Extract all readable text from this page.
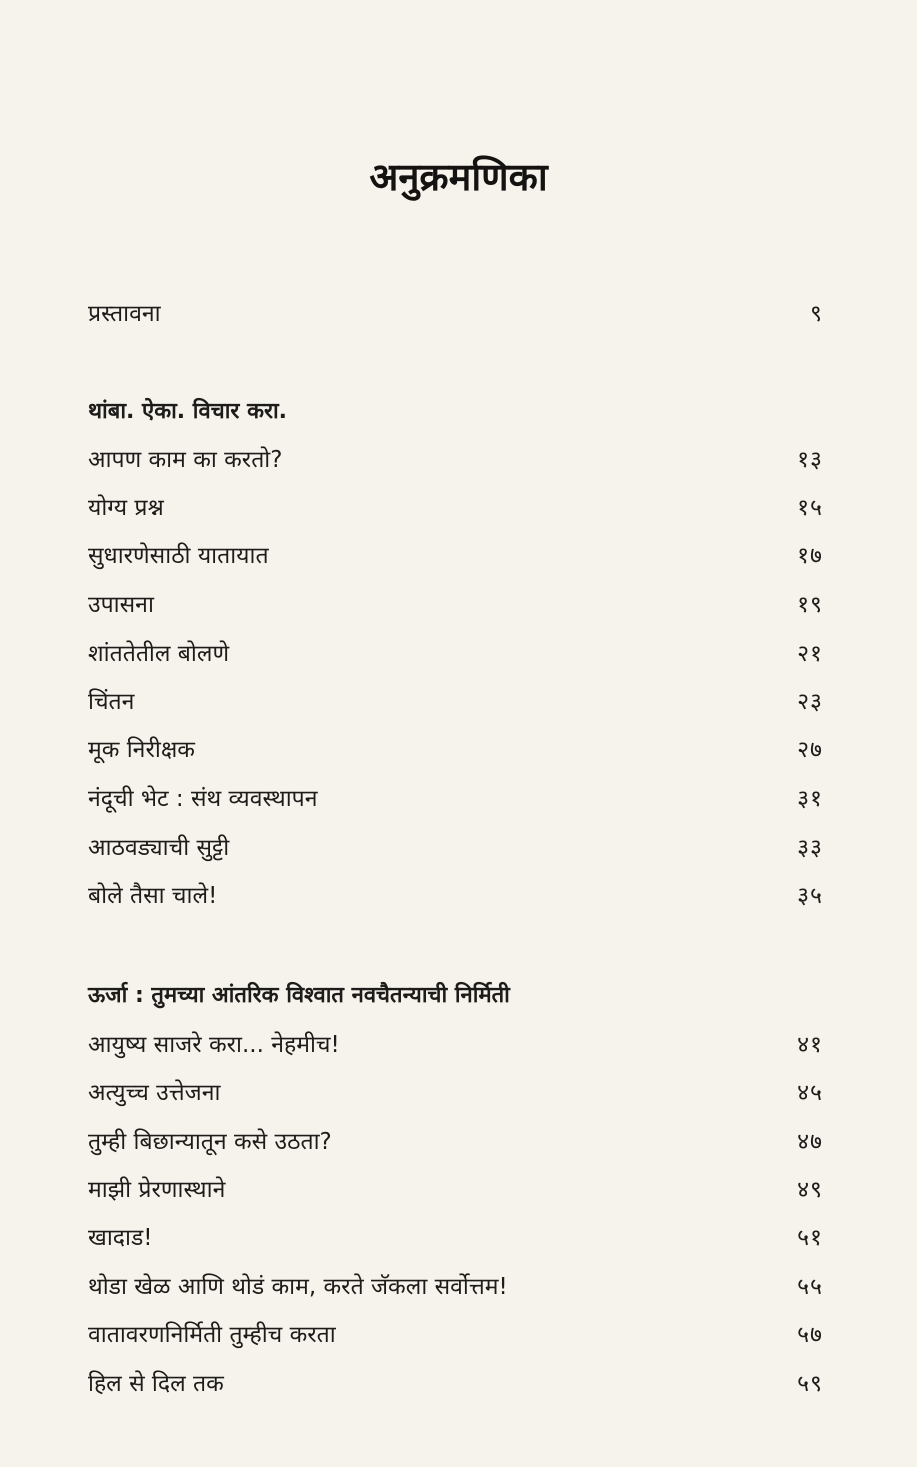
अनुक्रमणिका
प्रस्तावना	९
थांबा. ऐका. विचार करा.
आपण काम का करतो?	१३
योग्य प्रश्न	१५
सुधारणेसाठी यातायात	१७
उपासना	१९
शांततेतील बोलणे	२१
चिंतन	२३
मूक निरीक्षक	२७
नंदूची भेट : संथ व्यवस्थापन	३१
आठवड्याची सुट्टी	३३
बोले तैसा चाले!	३५
ऊर्जा : तुमच्या आंतरिक विश्वात नवचैतन्याची निर्मिती
आयुष्य साजरे करा... नेहमीच!	४१
अत्युच्च उत्तेजना	४५
तुम्ही बिछान्यातून कसे उठता?	४७
माझी प्रेरणास्थाने	४९
खादाड!	५१
थोडा खेळ आणि थोडं काम, करते जॅकला सर्वोत्तम!	५५
वातावरणनिर्मिती तुम्हीच करता	५७
हिल से दिल तक	५९
